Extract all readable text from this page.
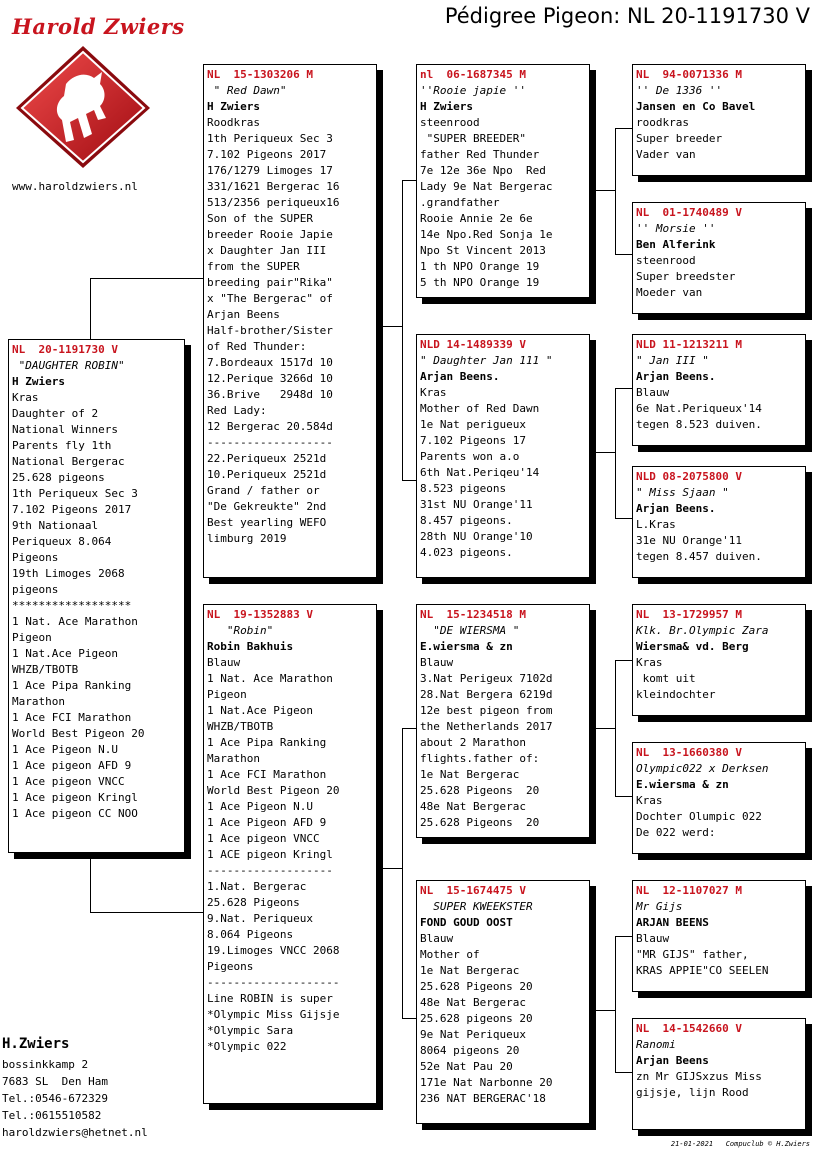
Harold Zwiers
www.haroldzwiers.nl
Pédigree Pigeon: NL 20-1191730 V
NL  20-1191730 V
"DAUGHTER ROBIN"
H Zwiers
Kras
Daughter of 2
National Winners
Parents fly 1th
National Bergerac
25.628 pigeons
1th Periqueux Sec 3
7.102 Pigeons 2017
9th Nationaal
Periqueux 8.064
Pigeons
19th Limoges 2068
pigeons
******************
1 Nat. Ace Marathon
Pigeon
1 Nat.Ace Pigeon
WHZB/TBOTB
1 Ace Pipa Ranking
Marathon
1 Ace FCI Marathon
World Best Pigeon 20
1 Ace Pigeon N.U
1 Ace pigeon AFD 9
1 Ace pigeon VNCC
1 Ace pigeon Kringl
1 Ace pigeon CC NOO
NL  15-1303206 M
" Red Dawn"
H Zwiers
Roodkras
1th Periqueux Sec 3
7.102 Pigeons 2017
176/1279 Limoges 17
331/1621 Bergerac 16
513/2356 periqueux16
Son of the SUPER
breeder Rooie Japie
x Daughter Jan III
from the SUPER
breeding pair"Rika"
x "The Bergerac" of
Arjan Beens
Half-brother/Sister
of Red Thunder:
7.Bordeaux 1517d 10
12.Perique 3266d 10
36.Brive   2948d 10
Red Lady:
12 Bergerac 20.584d
-------------------
22.Periqueux 2521d
10.Periqueux 2521d
Grand / father or
"De Gekreukte" 2nd
Best yearling WEFO
limburg 2019
NL  19-1352883 V
"Robin"
Robin Bakhuis
Blauw
1 Nat. Ace Marathon
Pigeon
1 Nat.Ace Pigeon
WHZB/TBOTB
1 Ace Pipa Ranking
Marathon
1 Ace FCI Marathon
World Best Pigeon 20
1 Ace Pigeon N.U
1 Ace Pigeon AFD 9
1 Ace pigeon VNCC
1 ACE pigeon Kringl
-------------------
1.Nat. Bergerac
25.628 Pigeons
9.Nat. Periqueux
8.064 Pigeons
19.Limoges VNCC 2068
Pigeons
--------------------
Line ROBIN is super
*Olympic Miss Gijsje
*Olympic Sara
*Olympic 022
nl  06-1687345 M
''Rooie japie ''
H Zwiers
steenrood
"SUPER BREEDER"
father Red Thunder
7e 12e 36e Npo  Red
Lady 9e Nat Bergerac
.grandfather
Rooie Annie 2e 6e
14e Npo.Red Sonja 1e
Npo St Vincent 2013
1 th NPO Orange 19
5 th NPO Orange 19
NLD 14-1489339 V
" Daughter Jan 111 "
Arjan Beens.
Kras
Mother of Red Dawn
1e Nat perigueux
7.102 Pigeons 17
Parents won a.o
6th Nat.Periqeu'14
8.523 pigeons
31st NU Orange'11
8.457 pigeons.
28th NU Orange'10
4.023 pigeons.
NL  15-1234518 M
"DE WIERSMA "
E.wiersma & zn
Blauw
3.Nat Perigeux 7102d
28.Nat Bergera 6219d
12e best pigeon from
the Netherlands 2017
about 2 Marathon
flights.father of:
1e Nat Bergerac
25.628 Pigeons  20
48e Nat Bergerac
25.628 Pigeons  20
NL  15-1674475 V
SUPER KWEEKSTER
FOND GOUD OOST
Blauw
Mother of
1e Nat Bergerac
25.628 Pigeons 20
48e Nat Bergerac
25.628 pigeons 20
9e Nat Periqueux
8064 pigeons 20
52e Nat Pau 20
171e Nat Narbonne 20
236 NAT BERGERAC'18
NL  94-0071336 M
'' De 1336 ''
Jansen en Co Bavel
roodkras
Super breeder
Vader van
NL  01-1740489 V
'' Morsie ''
Ben Alferink
steenrood
Super breedster
Moeder van
NLD 11-1213211 M
" Jan III "
Arjan Beens.
Blauw
6e Nat.Periqueux'14
tegen 8.523 duiven.
NLD 08-2075800 V
" Miss Sjaan "
Arjan Beens.
L.Kras
31e NU Orange'11
tegen 8.457 duiven.
NL  13-1729957 M
Klk. Br.Olympic Zara
Wiersma& vd. Berg
Kras
komt uit
kleindochter
NL  13-1660380 V
Olympic022 x Derksen
E.wiersma & zn
Kras
Dochter Olumpic 022
De 022 werd:
NL  12-1107027 M
Mr Gijs
ARJAN BEENS
Blauw
"MR GIJS" father,
KRAS APPIE"CO SEELEN
NL  14-1542660 V
Ranomi
Arjan Beens
zn Mr GIJSxzus Miss
gijsje, lijn Rood
H.Zwiers
bossinkkamp 2
7683 SL  Den Ham
Tel.:0546-672329
Tel.:0615510582
haroldzwiers@hetnet.nl
21-01-2021   Compuclub © H.Zwiers
